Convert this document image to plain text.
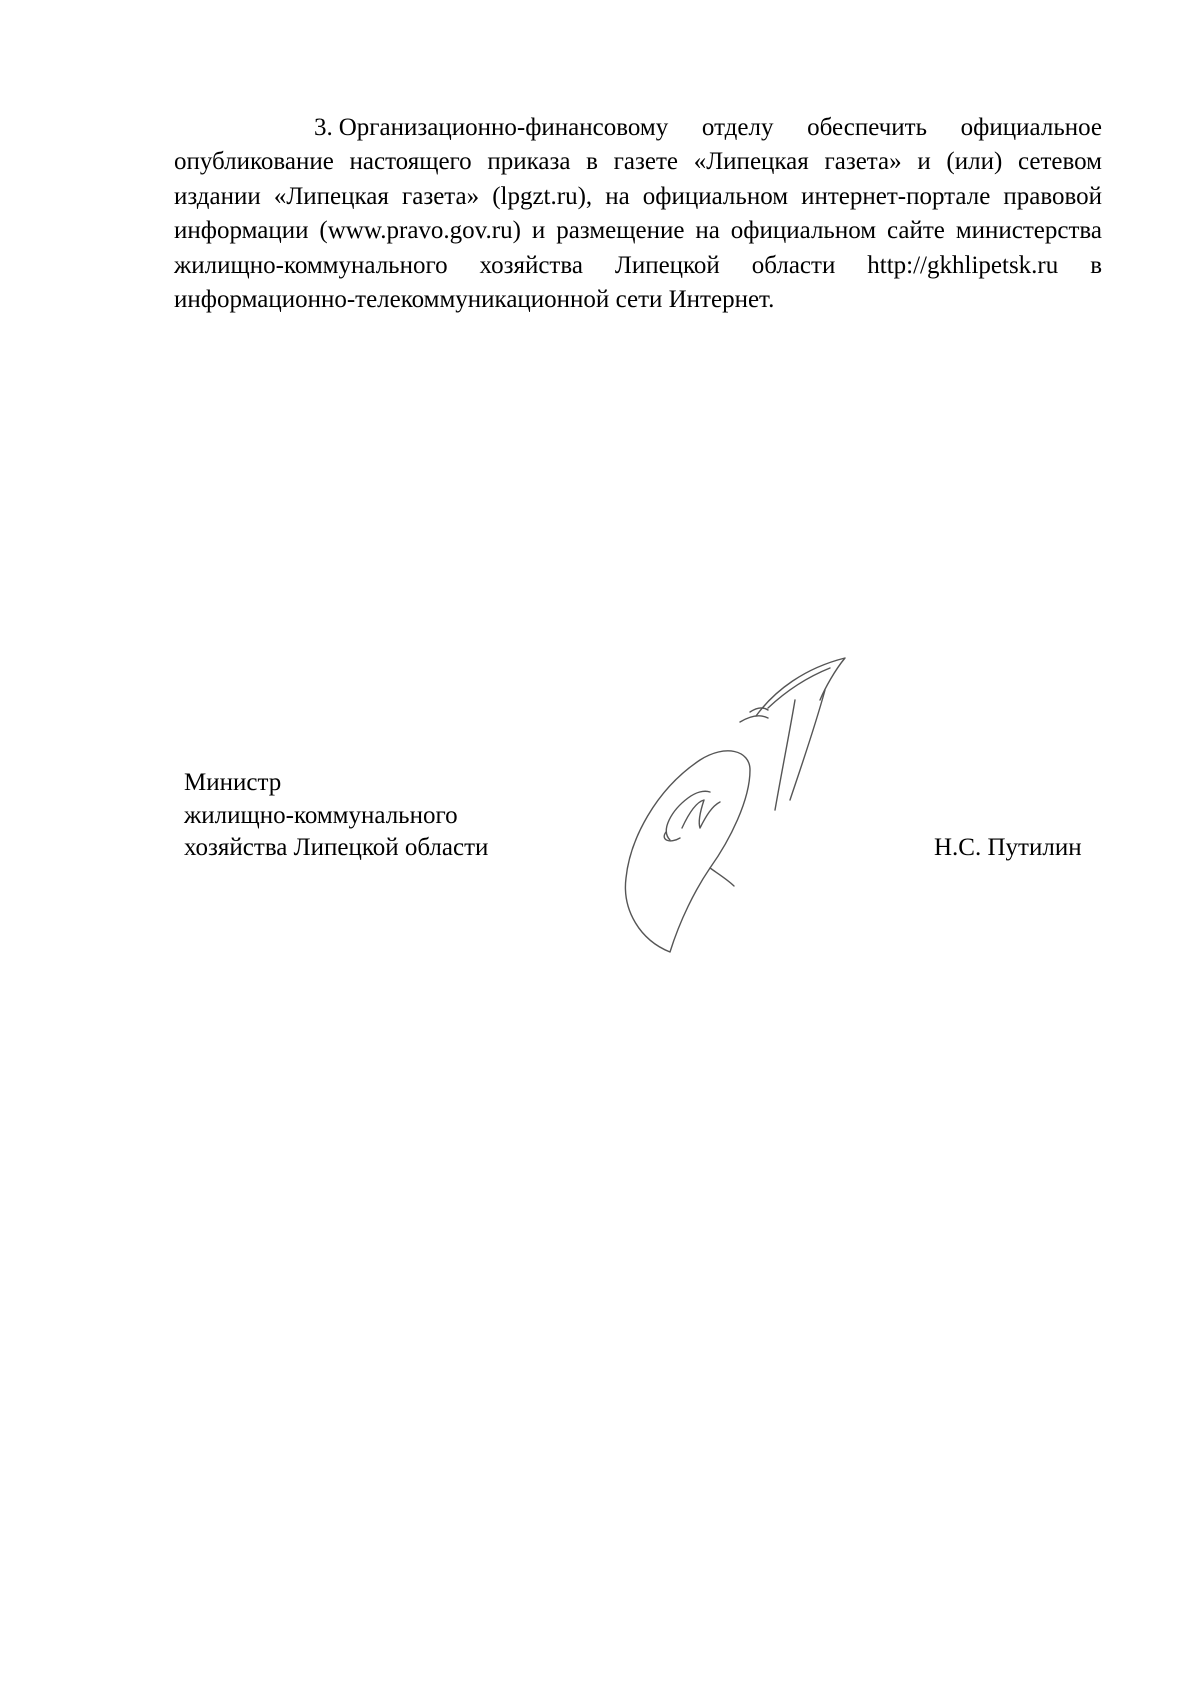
3. Организационно-финансовому отделу обеспечить официальное опубликование настоящего приказа в газете «Липецкая газета» и (или) сетевом издании «Липецкая газета» (lpgzt.ru), на официальном интернет-портале правовой информации (www.pravo.gov.ru) и размещение на официальном сайте министерства жилищно-коммунального хозяйства Липецкой области http://gkhlipetsk.ru в информационно-телекоммуникационной сети Интернет.

Министр
жилищно-коммунального
хозяйства Липецкой области	Н.С. Путилин
